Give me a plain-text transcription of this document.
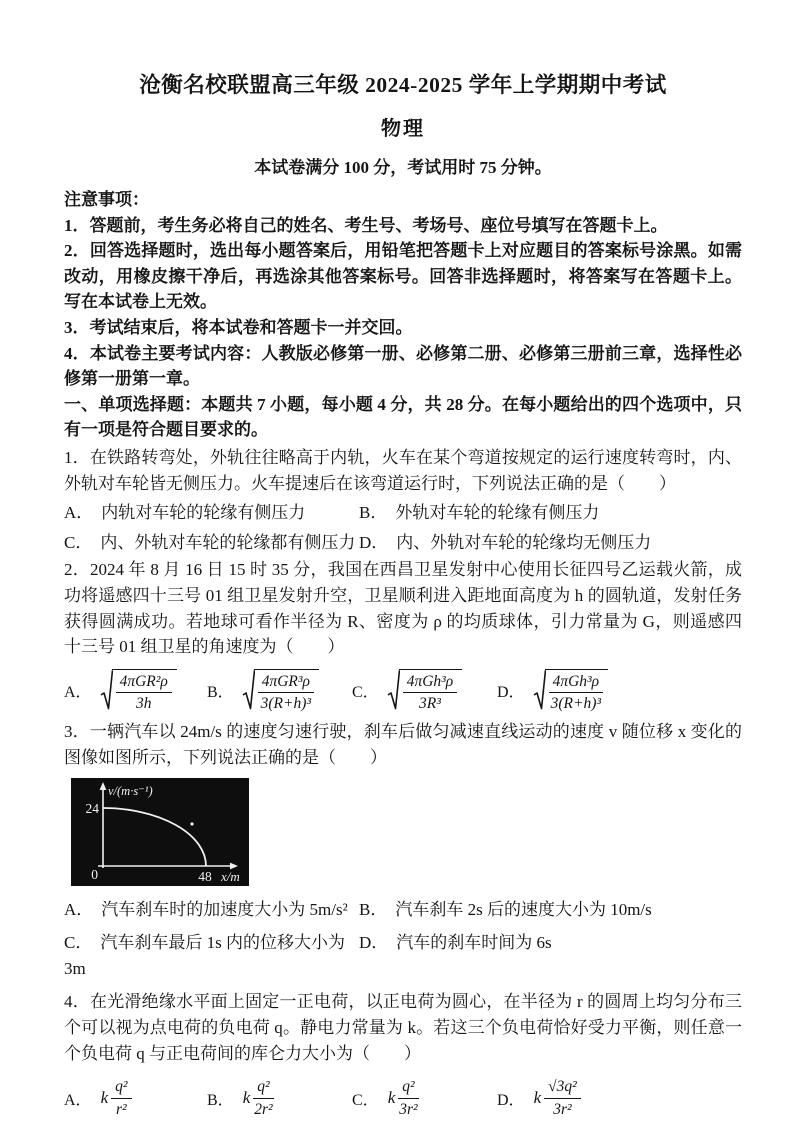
沧衡名校联盟高三年级 2024-2025 学年上学期期中考试
物理
本试卷满分 100 分，考试用时 75 分钟。
注意事项：
1．答题前，考生务必将自己的姓名、考生号、考场号、座位号填写在答题卡上。
2．回答选择题时，选出每小题答案后，用铅笔把答题卡上对应题目的答案标号涂黑。如需改动，用橡皮擦干净后，再选涂其他答案标号。回答非选择题时，将答案写在答题卡上。写在本试卷上无效。
3．考试结束后，将本试卷和答题卡一并交回。
4．本试卷主要考试内容：人教版必修第一册、必修第二册、必修第三册前三章，选择性必修第一册第一章。
一、单项选择题：本题共 7 小题，每小题 4 分，共 28 分。在每小题给出的四个选项中，只有一项是符合题目要求的。
1．在铁路转弯处，外轨往往略高于内轨，火车在某个弯道按规定的运行速度转弯时，内、外轨对车轮皆无侧压力。火车提速后在该弯道运行时，下列说法正确的是（　　）
A． 内轨对车轮的轮缘有侧压力	B． 外轨对车轮的轮缘有侧压力
C． 内、外轨对车轮的轮缘都有侧压力 D． 内、外轨对车轮的轮缘均无侧压力
2．2024 年 8 月 16 日 15 时 35 分，我国在西昌卫星发射中心使用长征四号乙运载火箭，成功将遥感四十三号 01 组卫星发射升空，卫星顺利进入距地面高度为 h 的圆轨道，发射任务获得圆满成功。若地球可看作半径为 R、密度为 ρ 的均质球体，引力常量为 G，则遥感四十三号 01 组卫星的角速度为（　　）
A． $\frac{\text{4πGR²ρ}}{3h}$ B． $\frac{\text{4πGR³ρ}}{\text{3(R+h)³}}$ C． $\frac{\text{4πGh³ρ}}{\text{3R³}}$ D． $\frac{\text{4πGh³ρ}}{\text{3(R+h)³}}$
3．一辆汽车以 24m/s 的速度匀速行驶，刹车后做匀减速直线运动的速度 v 随位移 x 变化的图像如图所示，下列说法正确的是（　　）
v/(m·s⁻¹)
24
0	48 x/m
A． 汽车刹车时的加速度大小为 5m/s² B． 汽车刹车 2s 后的速度大小为 10m/s
C． 汽车刹车最后 1s 内的位移大小为 3m
D． 汽车的刹车时间为 6s
4．在光滑绝缘水平面上固定一正电荷，以正电荷为圆心，在半径为 r 的圆周上均匀分布三个可以视为点电荷的负电荷 q。静电力常量为 k。若这三个负电荷恰好受力平衡，则任意一个负电荷 q 与正电荷间的库仑力大小为（　　）
A． k $\frac{\text{q²}}{\text{r²}}$	B． k $\frac{\text{q²}}{\text{2r²}}$	C． k $\frac{\text{q²}}{\text{3r²}}$	D． k $\frac{\text{√3q²}}{\text{3r²}}$
